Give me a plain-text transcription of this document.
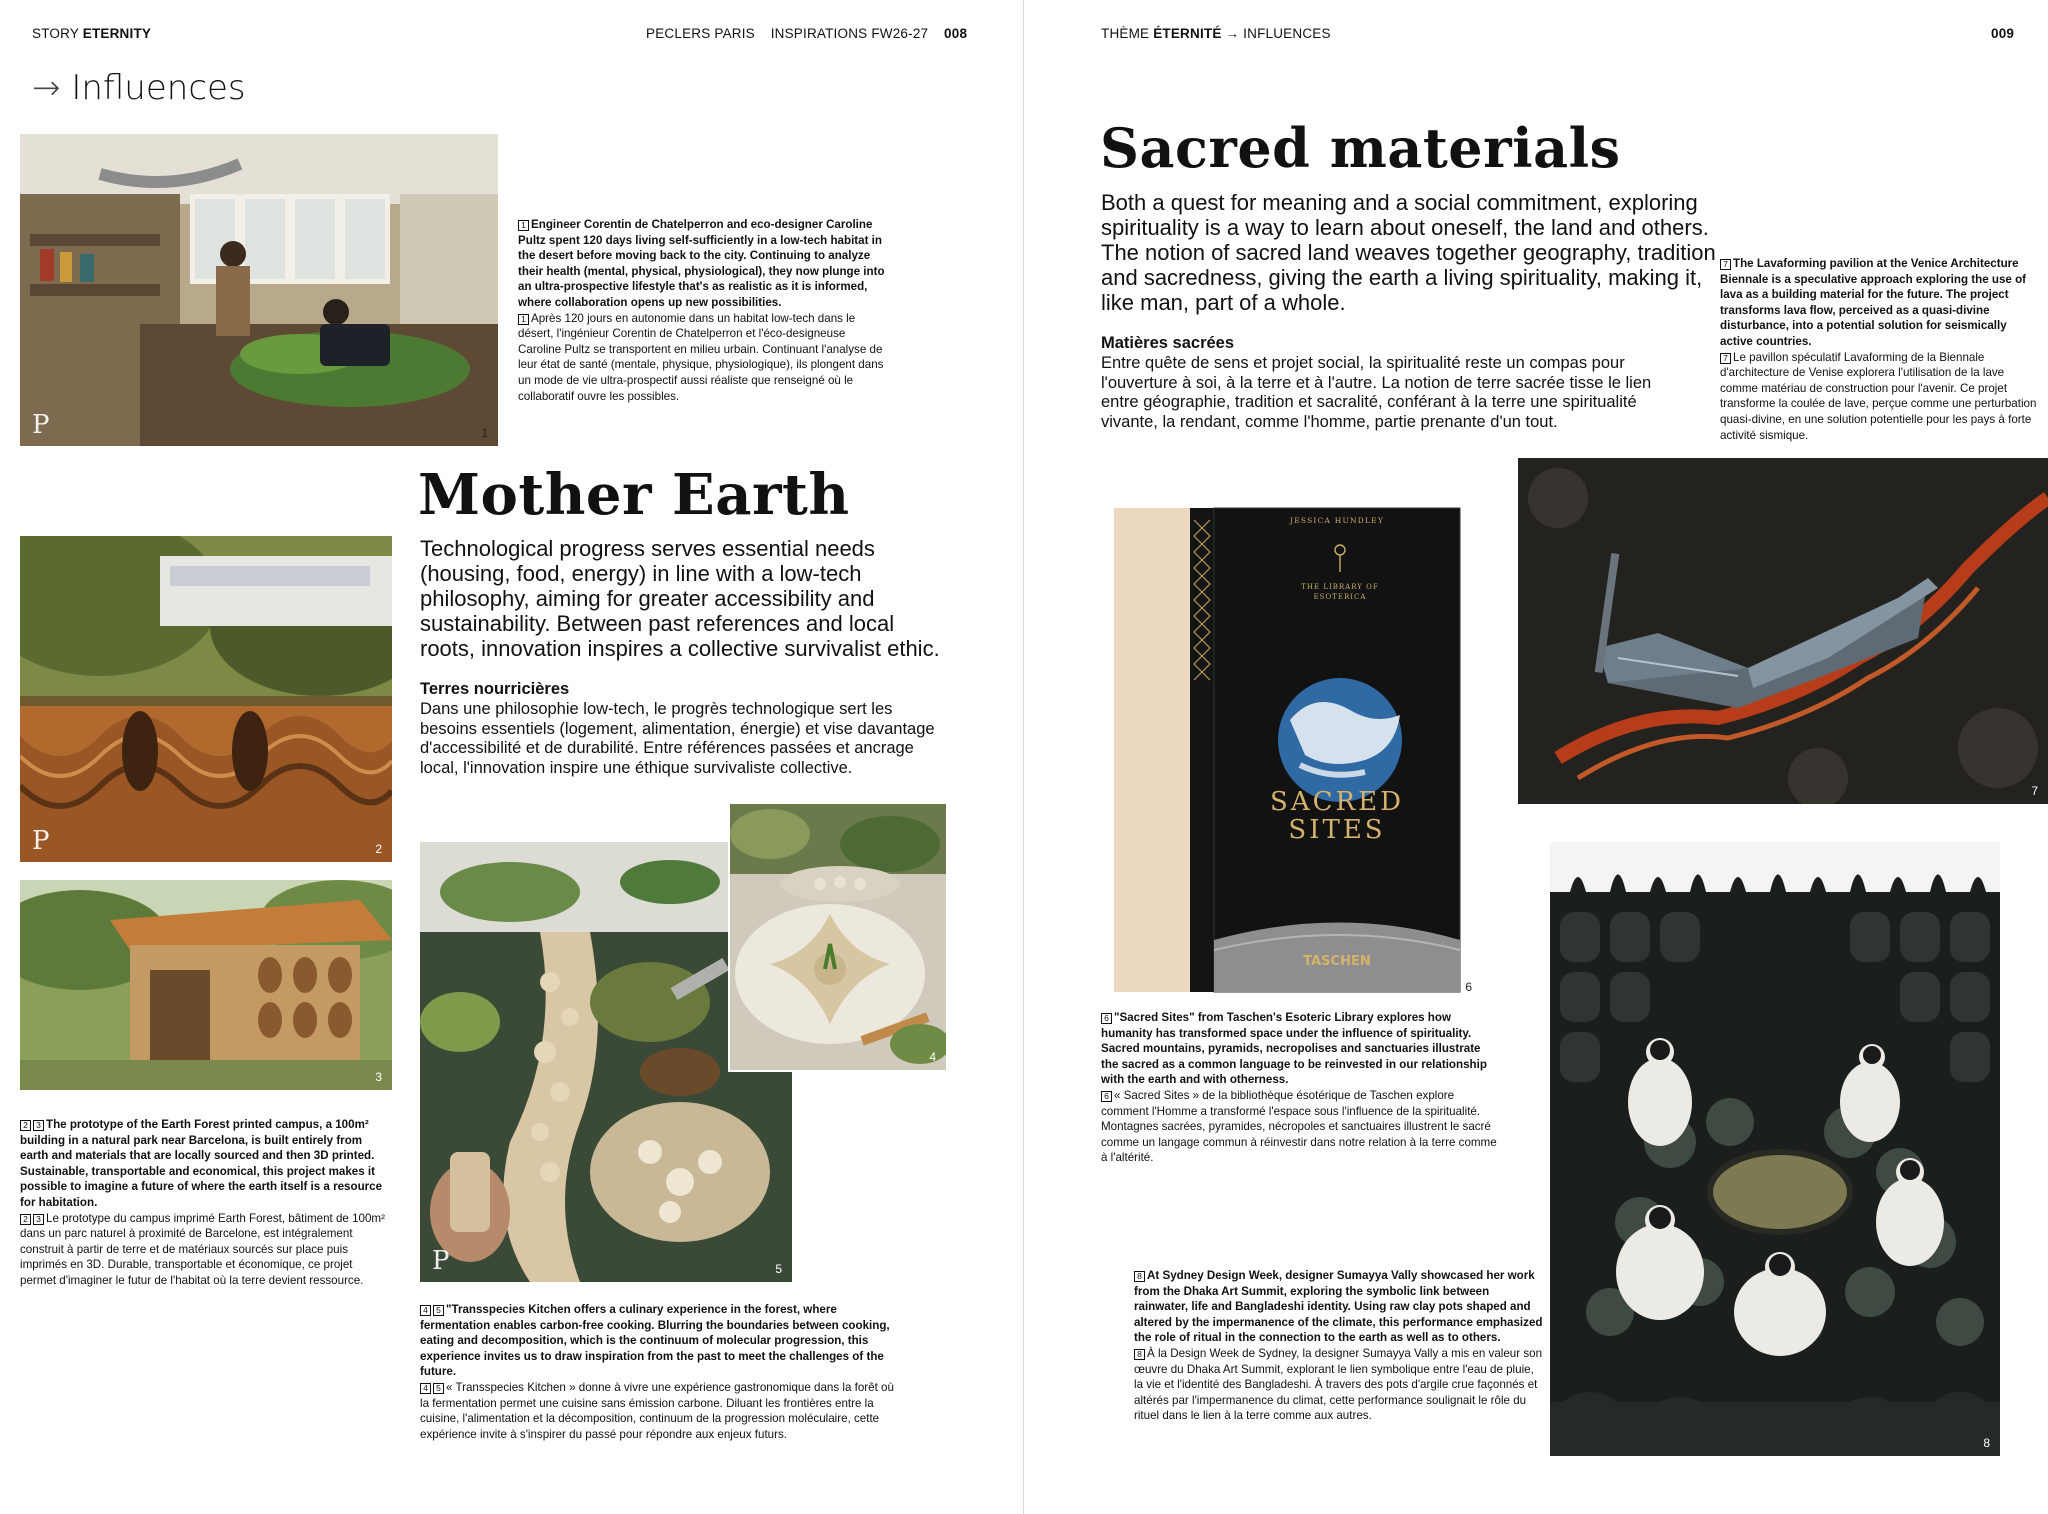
STORY ETERNITY	PECLERS PARIS INSPIRATIONS FW26-27 008
→ Influences
P	1
1 Engineer Corentin de Chatelperron and eco-designer Caroline Pultz spent 120 days living self-sufficiently in a low-tech habitat in the desert before moving back to the city. Continuing to analyze their health (mental, physical, physiological), they now plunge into an ultra-prospective lifestyle that's as realistic as it is informed, where collaboration opens up new possibilities.
1 Après 120 jours en autonomie dans un habitat low-tech dans le désert, l'ingénieur Corentin de Chatelperron et l'éco-designeuse Caroline Pultz se transportent en milieu urbain. Continuant l'analyse de leur état de santé (mentale, physique, physiologique), ils plongent dans un mode de vie ultra-prospectif aussi réaliste que renseigné où le collaboratif ouvre les possibles.
Mother Earth
Technological progress serves essential needs (housing, food, energy) in line with a low-tech philosophy, aiming for greater accessibility and sustainability. Between past references and local roots, innovation inspires a collective survivalist ethic.
Terres nourricières
Dans une philosophie low-tech, le progrès technologique sert les besoins essentiels (logement, alimentation, énergie) et vise davantage d'accessibilité et de durabilité. Entre références passées et ancrage local, l'innovation inspire une éthique survivaliste collective.
P	2
3
2 3 The prototype of the Earth Forest printed campus, a 100m² building in a natural park near Barcelona, is built entirely from earth and materials that are locally sourced and then 3D printed. Sustainable, transportable and economical, this project makes it possible to imagine a future of where the earth itself is a resource for habitation.
2 3 Le prototype du campus imprimé Earth Forest, bâtiment de 100m² dans un parc naturel à proximité de Barcelone, est intégralement construit à partir de terre et de matériaux sourcés sur place puis imprimés en 3D. Durable, transportable et économique, ce projet permet d'imaginer le futur de l'habitat où la terre devient ressource.
P	5
4
4 5 "Transspecies Kitchen offers a culinary experience in the forest, where fermentation enables carbon-free cooking. Blurring the boundaries between cooking, eating and decomposition, which is the continuum of molecular progression, this experience invites us to draw inspiration from the past to meet the challenges of the future.
4 5 « Transspecies Kitchen » donne à vivre une expérience gastronomique dans la forêt où la fermentation permet une cuisine sans émission carbone. Diluant les frontières entre la cuisine, l'alimentation et la décomposition, continuum de la progression moléculaire, cette expérience invite à s'inspirer du passé pour répondre aux enjeux futurs.
THÈME ÉTERNITÉ → INFLUENCES	009
Sacred materials
Both a quest for meaning and a social commitment, exploring spirituality is a way to learn about oneself, the land and others. The notion of sacred land weaves together geography, tradition and sacredness, giving the earth a living spirituality, making it, like man, part of a whole.
Matières sacrées
Entre quête de sens et projet social, la spiritualité reste un compas pour l'ouverture à soi, à la terre et à l'autre. La notion de terre sacrée tisse le lien entre géographie, tradition et sacralité, conférant à la terre une spiritualité vivante, la rendant, comme l'homme, partie prenante d'un tout.
7 The Lavaforming pavilion at the Venice Architecture Biennale is a speculative approach exploring the use of lava as a building material for the future. The project transforms lava flow, perceived as a quasi-divine disturbance, into a potential solution for seismically active countries.
7 Le pavillon spéculatif Lavaforming de la Biennale d'architecture de Venise explorera l'utilisation de la lave comme matériau de construction pour l'avenir. Ce projet transforme la coulée de lave, perçue comme une perturbation quasi-divine, en une solution potentielle pour les pays à forte activité sismique.
JESSICA HUNDLEY
THE LIBRARY OF ESOTERICA
SACRED
SITES
TASCHEN
6
6 "Sacred Sites" from Taschen's Esoteric Library explores how humanity has transformed space under the influence of spirituality. Sacred mountains, pyramids, necropolises and sanctuaries illustrate the sacred as a common language to be reinvested in our relationship with the earth and with otherness.
6 « Sacred Sites » de la bibliothèque ésotérique de Taschen explore comment l'Homme a transformé l'espace sous l'influence de la spiritualité. Montagnes sacrées, pyramides, nécropoles et sanctuaires illustrent le sacré comme un langage commun à réinvestir dans notre relation à la terre comme à l'altérité.
7
8
8 At Sydney Design Week, designer Sumayya Vally showcased her work from the Dhaka Art Summit, exploring the symbolic link between rainwater, life and Bangladeshi identity. Using raw clay pots shaped and altered by the impermanence of the climate, this performance emphasized the role of ritual in the connection to the earth as well as to others.
8 À la Design Week de Sydney, la designer Sumayya Vally a mis en valeur son œuvre du Dhaka Art Summit, explorant le lien symbolique entre l'eau de pluie, la vie et l'identité des Bangladeshi. À travers des pots d'argile crue façonnés et altérés par l'impermanence du climat, cette performance soulignait le rôle du rituel dans le lien à la terre comme aux autres.
